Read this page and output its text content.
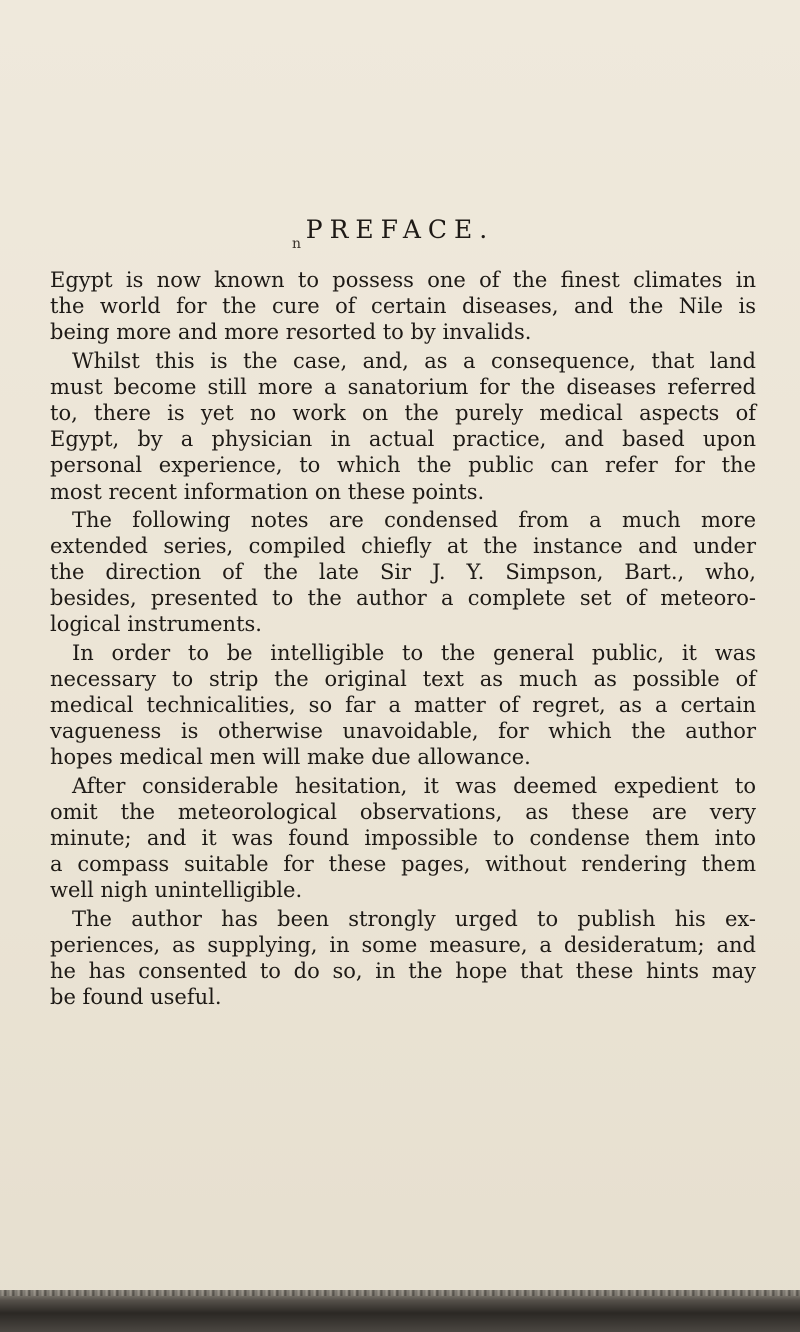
PREFACE.
n
Egypt is now known to possess one of the finest climates in
the world for the cure of certain diseases, and the Nile is
being more and more resorted to by invalids.
Whilst this is the case, and, as a consequence, that land
must become still more a sanatorium for the diseases referred
to, there is yet no work on the purely medical aspects of
Egypt, by a physician in actual practice, and based upon
personal experience, to which the public can refer for the
most recent information on these points.
The following notes are condensed from a much more
extended series, compiled chiefly at the instance and under
the direction of the late Sir J. Y. Simpson, Bart., who,
besides, presented to the author a complete set of meteoro-
logical instruments.
In order to be intelligible to the general public, it was
necessary to strip the original text as much as possible of
medical technicalities, so far a matter of regret, as a certain
vagueness is otherwise unavoidable, for which the author
hopes medical men will make due allowance.
After considerable hesitation, it was deemed expedient to
omit the meteorological observations, as these are very
minute; and it was found impossible to condense them into
a compass suitable for these pages, without rendering them
well nigh unintelligible.
The author has been strongly urged to publish his ex-
periences, as supplying, in some measure, a desideratum; and
he has consented to do so, in the hope that these hints may
be found useful.
